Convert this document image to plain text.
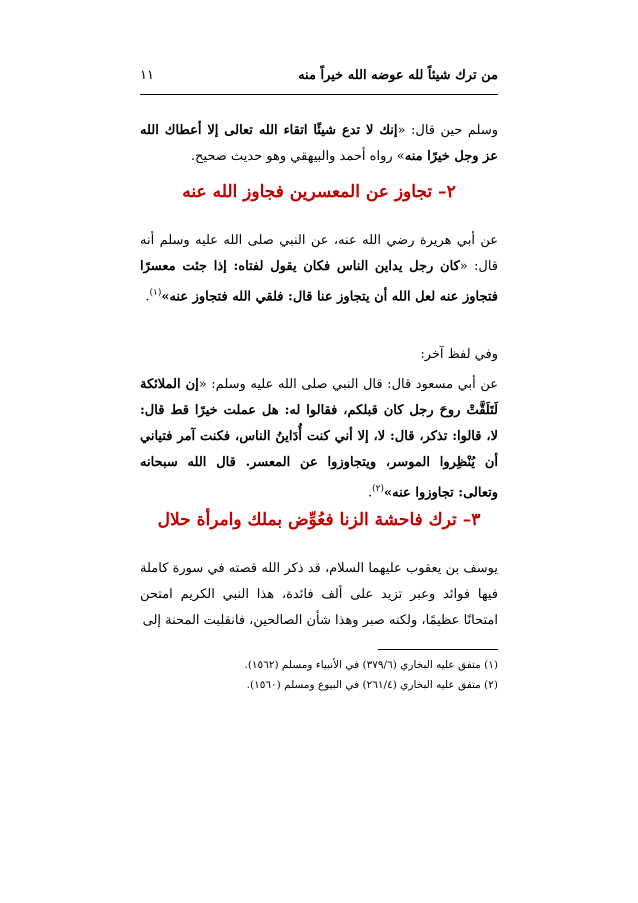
من ترك شيئاً لله عوضه الله خيراً منه
١١
وسلم حين قال: «إنك لا تدع شيئًا اتقاء الله تعالى إلا أعطاك الله عز وجل خيرًا منه» رواه أحمد والبيهقي وهو حديث صحيح.
٢– تجاوز عن المعسرين فجاوز الله عنه
عن أبي هريرة رضي الله عنه، عن النبي صلى الله عليه وسلم أنه قال: «كان رجل يداين الناس فكان يقول لفتاه: إذا جئت معسرًا فتجاوز عنه لعل الله أن يتجاوز عنا قال: فلقي الله فتجاوز عنه»$^{(١)}$.
وفي لفظ آخر:
عن أبي مسعود قال: قال النبي صلى الله عليه وسلم: «إن الملائكة لَتَلَقَّتْ روحَ رجل كان قبلكم، فقالوا له: هل عملت خيرًا قط قال: لا، قالوا: تذكر، قال: لا، إلا أني كنت أُدَاينُ الناس، فكنت آمر فتياني أن يُنْظِروا الموسر، ويتجاوزوا عن المعسر. قال الله سبحانه وتعالى: تجاوزوا عنه»$^{(٢)}$.
٣– ترك فاحشة الزنا فعُوِّض بملك وامرأة حلال
يوسف بن يعقوب عليهما السلام، قد ذكر الله قصته في سورة كاملة فيها فوائد وعبر تزيد على ألف فائدة، هذا النبي الكريم امتحن امتحانًا عظيمًا، ولكنه صبر وهذا شأن الصالحين، فانقلبت المحنة إلى
(١) متفق عليه البخاري (٣٧٩/٦) في الأنبياء ومسلم (١٥٦٢).
(٢) متفق عليه البخاري (٢٦١/٤) في البيوع ومسلم (١٥٦٠).
